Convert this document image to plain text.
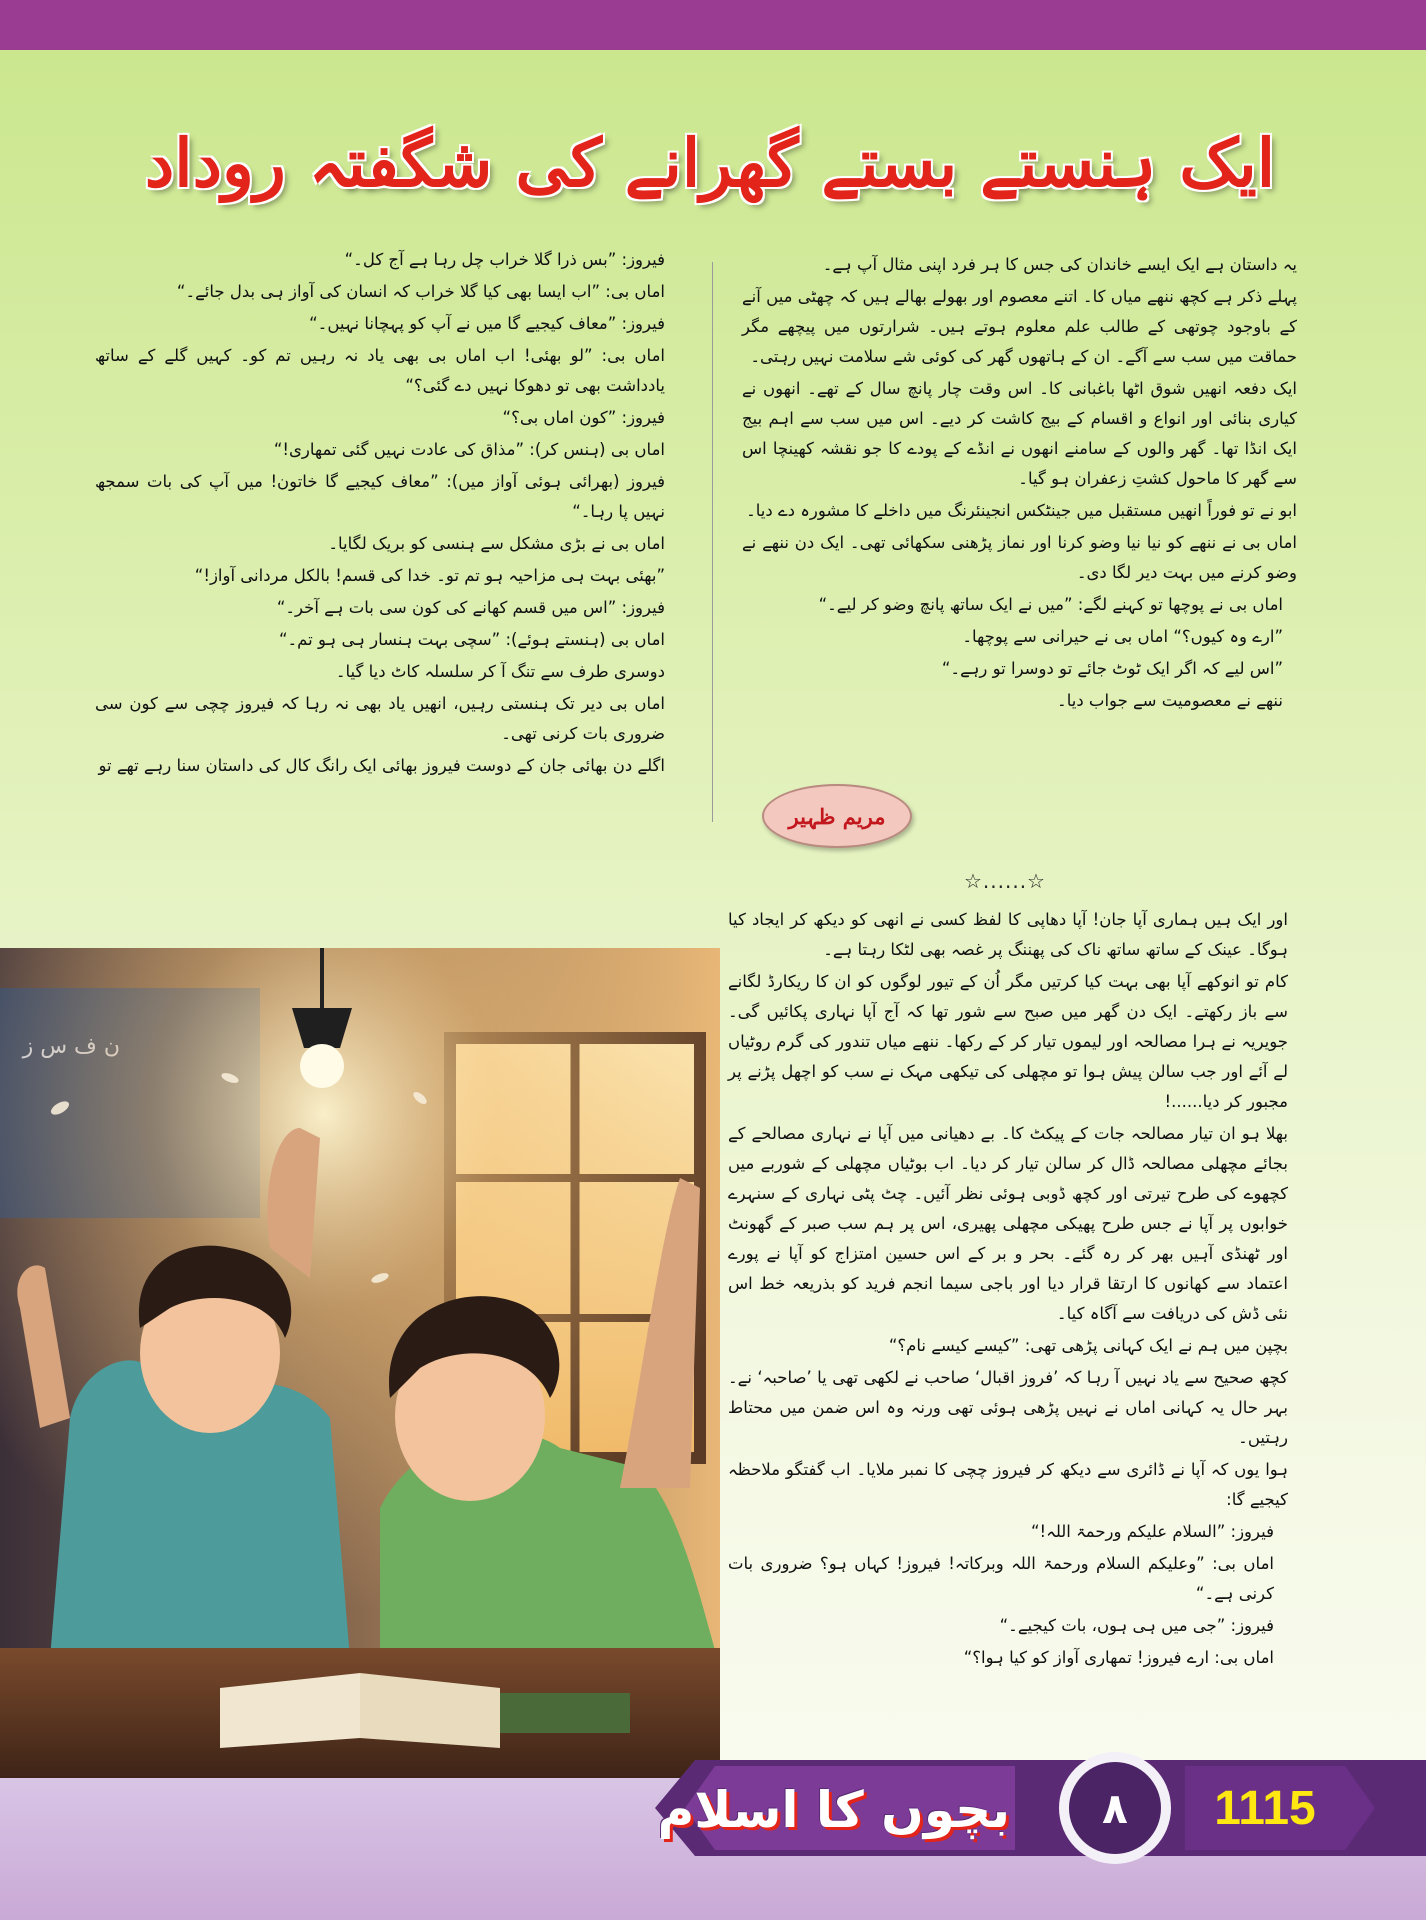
ایک ہنستے بستے گھرانے کی شگفتہ روداد

یہ داستان ہے ایک ایسے خاندان کی جس کا ہر فرد اپنی مثال آپ ہے۔

پہلے ذکر ہے کچھ ننھے میاں کا۔ اتنے معصوم اور بھولے بھالے ہیں کہ چھٹی میں آنے کے باوجود چوتھی کے طالب علم معلوم ہوتے ہیں۔ شرارتوں میں پیچھے مگر حماقت میں سب سے آگے۔ ان کے ہاتھوں گھر کی کوئی شے سلامت نہیں رہتی۔

ایک دفعہ انھیں شوق اٹھا باغبانی کا۔ اس وقت چار پانچ سال کے تھے۔ انھوں نے کیاری بنائی اور انواع و اقسام کے بیج کاشت کر دیے۔ اس میں سب سے اہم بیج ایک انڈا تھا۔ گھر والوں کے سامنے انھوں نے انڈے کے پودے کا جو نقشہ کھینچا اس سے گھر کا ماحول کشتِ زعفران ہو گیا۔

ابو نے تو فوراً انھیں مستقبل میں جینٹکس انجینئرنگ میں داخلے کا مشورہ دے دیا۔

اماں بی نے ننھے کو نیا نیا وضو کرنا اور نماز پڑھنی سکھائی تھی۔ ایک دن ننھے نے وضو کرنے میں بہت دیر لگا دی۔

اماں بی نے پوچھا تو کہنے لگے: ”میں نے ایک ساتھ پانچ وضو کر لیے۔“

”ارے وہ کیوں؟“ اماں بی نے حیرانی سے پوچھا۔

”اس لیے کہ اگر ایک ٹوٹ جائے تو دوسرا تو رہے۔“

ننھے نے معصومیت سے جواب دیا۔

فیروز: ”بس ذرا گلا خراب چل رہا ہے آج کل۔“

اماں بی: ”اب ایسا بھی کیا گلا خراب کہ انسان کی آواز ہی بدل جائے۔“

فیروز: ”معاف کیجیے گا میں نے آپ کو پہچانا نہیں۔“

اماں بی: ”لو بھئی! اب اماں بی بھی یاد نہ رہیں تم کو۔ کہیں گلے کے ساتھ یادداشت بھی تو دھوکا نہیں دے گئی؟“

فیروز: ”کون اماں بی؟“

اماں بی (ہنس کر): ”مذاق کی عادت نہیں گئی تمھاری!“

فیروز (بھرائی ہوئی آواز میں): ”معاف کیجیے گا خاتون! میں آپ کی بات سمجھ نہیں پا رہا۔“

اماں بی نے بڑی مشکل سے ہنسی کو بریک لگایا۔

”بھئی بہت ہی مزاحیہ ہو تم تو۔ خدا کی قسم! بالکل مردانی آواز!“

فیروز: ”اس میں قسم کھانے کی کون سی بات ہے آخر۔“

اماں بی (ہنستے ہوئے): ”سچی بہت ہنسار ہی ہو تم۔“

دوسری طرف سے تنگ آ کر سلسلہ کاٹ دیا گیا۔

اماں بی دیر تک ہنستی رہیں، انھیں یاد بھی نہ رہا کہ فیروز چچی سے کون سی ضروری بات کرنی تھی۔

اگلے دن بھائی جان کے دوست فیروز بھائی ایک رانگ کال کی داستان سنا رہے تھے تو

مریم ظہیر
☆......☆

اور ایک ہیں ہماری آپا جان! آپا دھاپی کا لفظ کسی نے انھی کو دیکھ کر ایجاد کیا ہوگا۔ عینک کے ساتھ ساتھ ناک کی پھننگ پر غصہ بھی لٹکا رہتا ہے۔

کام تو انوکھے آپا بھی بہت کیا کرتیں مگر اُن کے تیور لوگوں کو ان کا ریکارڈ لگانے سے باز رکھتے۔ ایک دن گھر میں صبح سے شور تھا کہ آج آپا نہاری پکائیں گی۔ جویریہ نے ہرا مصالحہ اور لیموں تیار کر کے رکھا۔ ننھے میاں تندور کی گرم روٹیاں لے آئے اور جب سالن پیش ہوا تو مچھلی کی تیکھی مہک نے سب کو اچھل پڑنے پر مجبور کر دیا......!

بھلا ہو ان تیار مصالحہ جات کے پیکٹ کا۔ بے دھیانی میں آپا نے نہاری مصالحے کے بجائے مچھلی مصالحہ ڈال کر سالن تیار کر دیا۔ اب بوٹیاں مچھلی کے شوربے میں کچھوے کی طرح تیرتی اور کچھ ڈوبی ہوئی نظر آئیں۔ چٹ پٹی نہاری کے سنہرے خوابوں پر آپا نے جس طرح پھیکی مچھلی پھیری، اس پر ہم سب صبر کے گھونٹ اور ٹھنڈی آہیں بھر کر رہ گئے۔ بحر و بر کے اس حسین امتزاج کو آپا نے پورے اعتماد سے کھانوں کا ارتقا قرار دیا اور باجی سیما انجم فرید کو بذریعہ خط اس نئی ڈش کی دریافت سے آگاہ کیا۔

بچپن میں ہم نے ایک کہانی پڑھی تھی: ”کیسے کیسے نام؟“

کچھ صحیح سے یاد نہیں آ رہا کہ ’فروز اقبال‘ صاحب نے لکھی تھی یا ’صاحبہ‘ نے۔ بہر حال یہ کہانی اماں نے نہیں پڑھی ہوئی تھی ورنہ وہ اس ضمن میں محتاط رہتیں۔

ہوا یوں کہ آپا نے ڈائری سے دیکھ کر فیروز چچی کا نمبر ملایا۔ اب گفتگو ملاحظہ کیجیے گا:

فیروز: ”السلام علیکم ورحمۃ اللہ!“

اماں بی: ”وعلیکم السلام ورحمۃ اللہ وبرکاتہ! فیروز! کہاں ہو؟ ضروری بات کرنی ہے۔“

فیروز: ”جی میں ہی ہوں، بات کیجیے۔“

اماں بی: ارے فیروز! تمھاری آواز کو کیا ہوا؟“

بچوں کا اسلام	۸	1115
